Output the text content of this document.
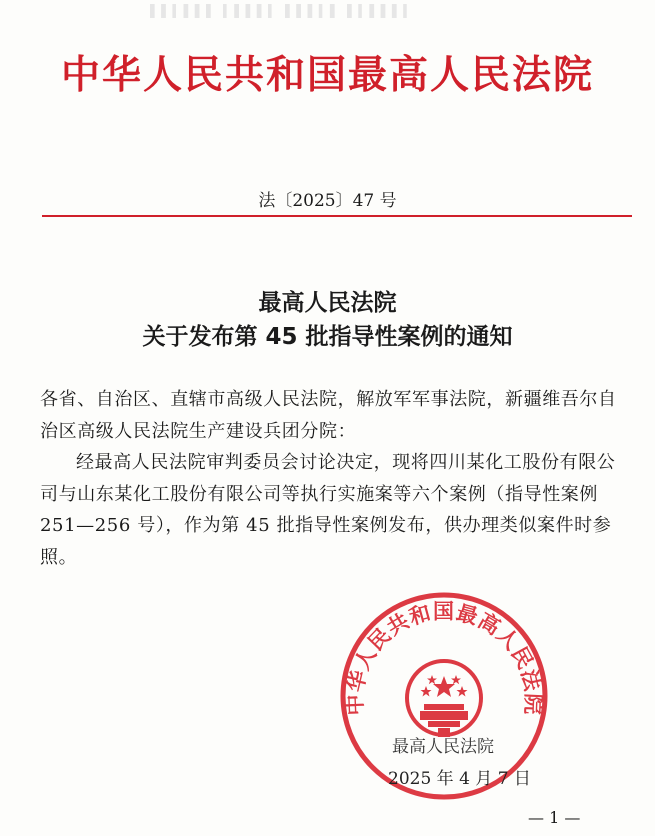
▌▌▍▌▌▌ ▍▌▌▌▍ ▌▌▌▍▌ ▌▍▌▌▌▍
中华人民共和国最高人民法院
法〔2025〕47 号
最高人民法院
关于发布第 45 批指导性案例的通知

各省、自治区、直辖市高级人民法院，解放军军事法院，新疆维吾尔自治区高级人民法院生产建设兵团分院：

经最高人民法院审判委员会讨论决定，现将四川某化工股份有限公司与山东某化工股份有限公司等执行实施案等六个案例（指导性案例 251—256 号），作为第 45 批指导性案例发布，供办理类似案件时参照。

中华人民共和国最高人民法院
最高人民法院
2025 年 4 月 7 日
— 1 —
